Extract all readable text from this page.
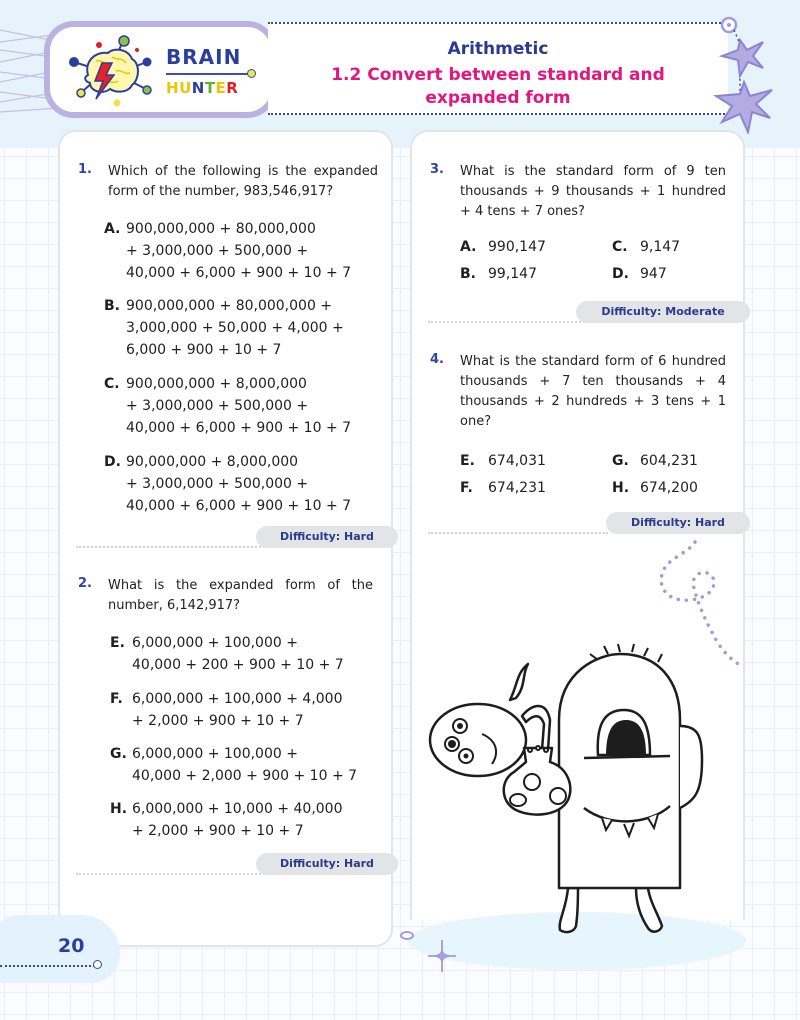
BRAIN
HUNTER
Arithmetic
1.2 Convert between standard and expanded form
1. Which of the following is the expanded form of the number, 983,546,917?
A. 900,000,000 + 80,000,000
+ 3,000,000 + 500,000 +
40,000 + 6,000 + 900 + 10 + 7
B. 900,000,000 + 80,000,000 +
3,000,000 + 50,000 + 4,000 +
6,000 + 900 + 10 + 7
C. 900,000,000 + 8,000,000
+ 3,000,000 + 500,000 +
40,000 + 6,000 + 900 + 10 + 7
D. 90,000,000 + 8,000,000
+ 3,000,000 + 500,000 +
40,000 + 6,000 + 900 + 10 + 7
Difficulty: Hard
2. What is the expanded form of the number, 6,142,917?
E. 6,000,000 + 100,000 +
40,000 + 200 + 900 + 10 + 7
F. 6,000,000 + 100,000 + 4,000
+ 2,000 + 900 + 10 + 7
G. 6,000,000 + 100,000 +
40,000 + 2,000 + 900 + 10 + 7
H. 6,000,000 + 10,000 + 40,000
+ 2,000 + 900 + 10 + 7
Difficulty: Hard
3. What is the standard form of 9 ten thousands + 9 thousands + 1 hundred + 4 tens + 7 ones?
A. 990,147
B. 99,147
C. 9,147
D. 947
Difficulty: Moderate
4. What is the standard form of 6 hundred thousands + 7 ten thousands + 4 thousands + 2 hundreds + 3 tens + 1 one?
E. 674,031
F. 674,231
G. 604,231
H. 674,200
Difficulty: Hard
20
